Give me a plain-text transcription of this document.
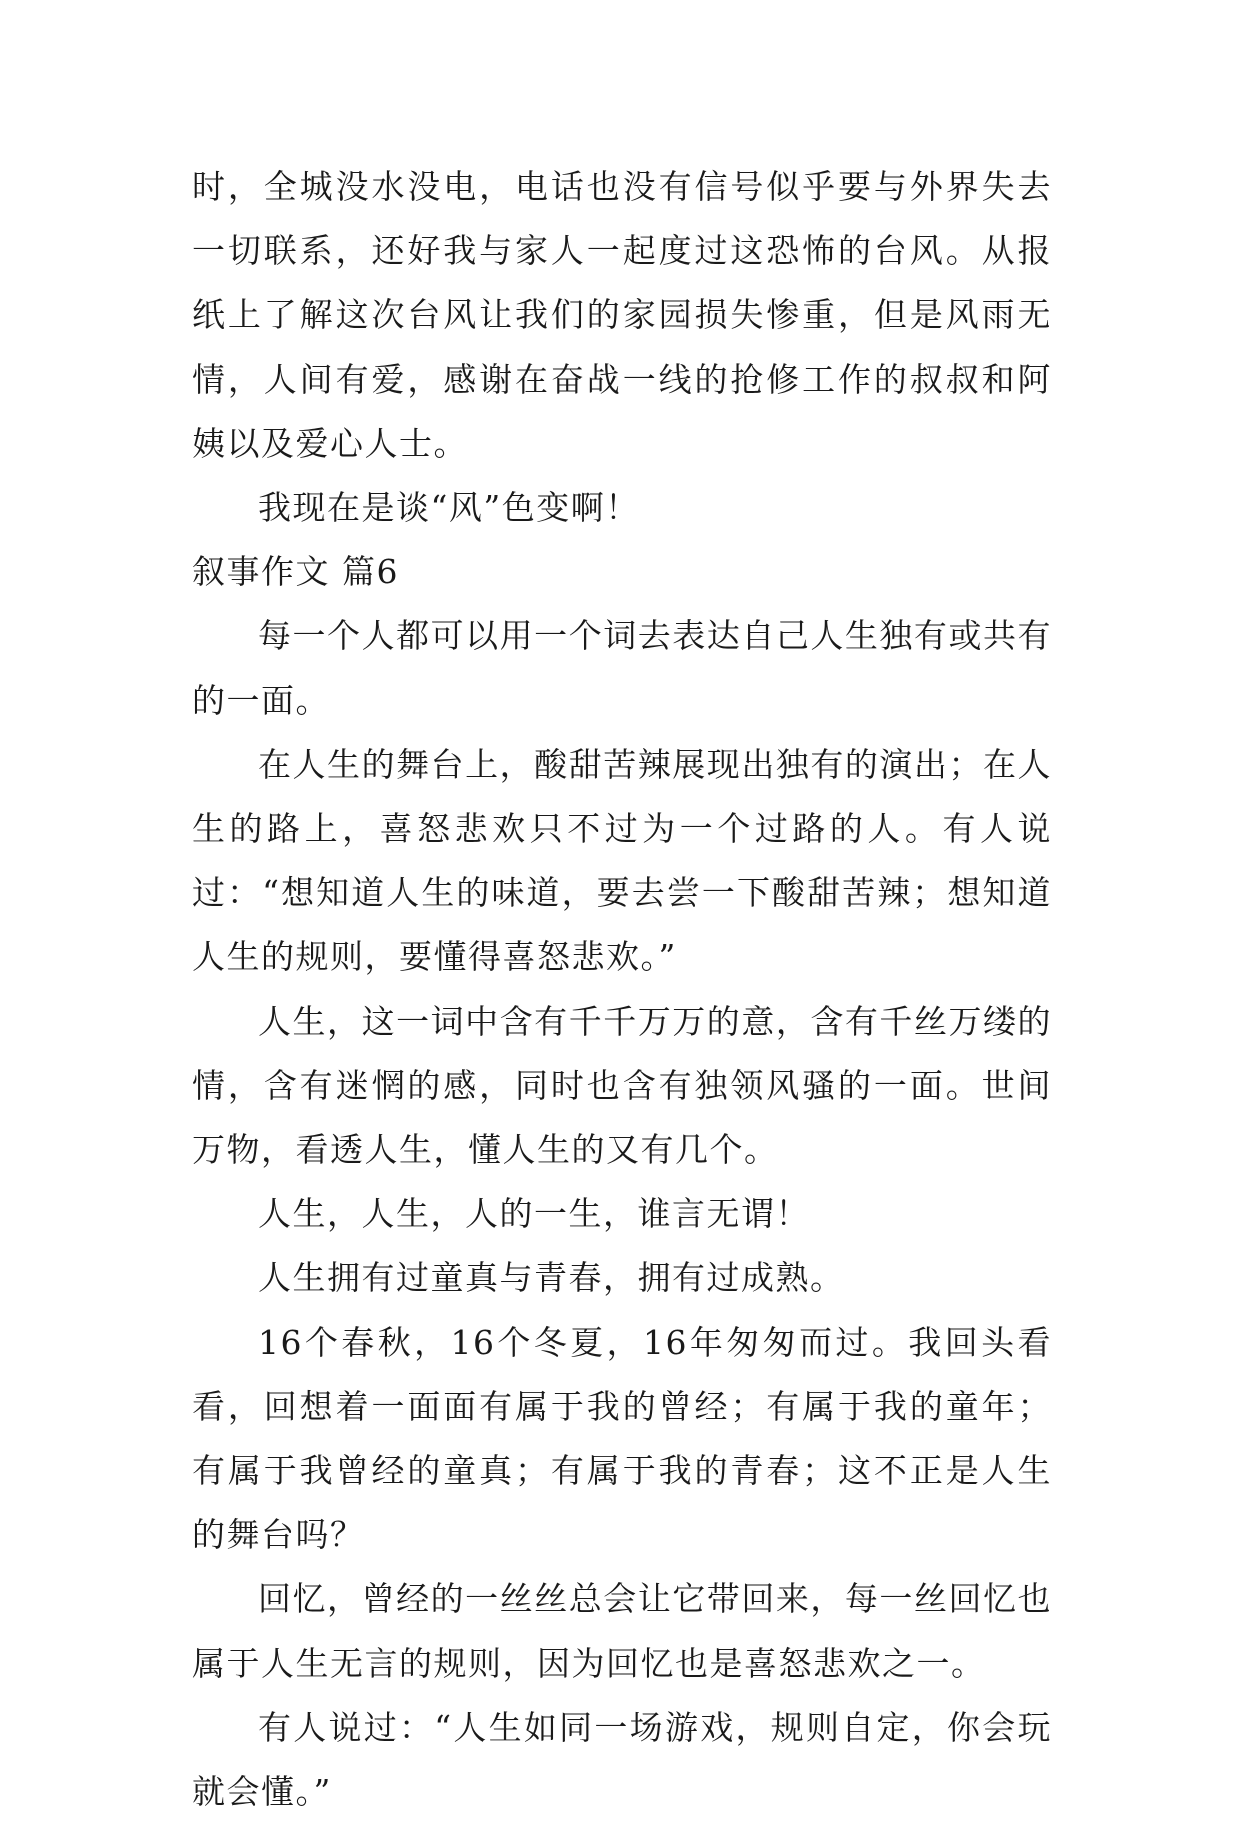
时，全城没水没电，电话也没有信号似乎要与外界失去一切联系，还好我与家人一起度过这恐怖的台风。从报纸上了解这次台风让我们的家园损失惨重，但是风雨无情，人间有爱，感谢在奋战一线的抢修工作的叔叔和阿姨以及爱心人士。

我现在是谈“风”色变啊！

叙事作文 篇6

每一个人都可以用一个词去表达自己人生独有或共有的一面。

在人生的舞台上，酸甜苦辣展现出独有的演出；在人生的路上，喜怒悲欢只不过为一个过路的人。有人说过：“想知道人生的味道，要去尝一下酸甜苦辣；想知道人生的规则，要懂得喜怒悲欢。”

人生，这一词中含有千千万万的意，含有千丝万缕的情，含有迷惘的感，同时也含有独领风骚的一面。世间万物，看透人生，懂人生的又有几个。

人生，人生，人的一生，谁言无谓！

人生拥有过童真与青春，拥有过成熟。

16个春秋，16个冬夏，16年匆匆而过。我回头看看，回想着一面面有属于我的曾经；有属于我的童年；有属于我曾经的童真；有属于我的青春；这不正是人生的舞台吗？

回忆，曾经的一丝丝总会让它带回来，每一丝回忆也属于人生无言的规则，因为回忆也是喜怒悲欢之一。

有人说过：“人生如同一场游戏，规则自定，你会玩就会懂。”
